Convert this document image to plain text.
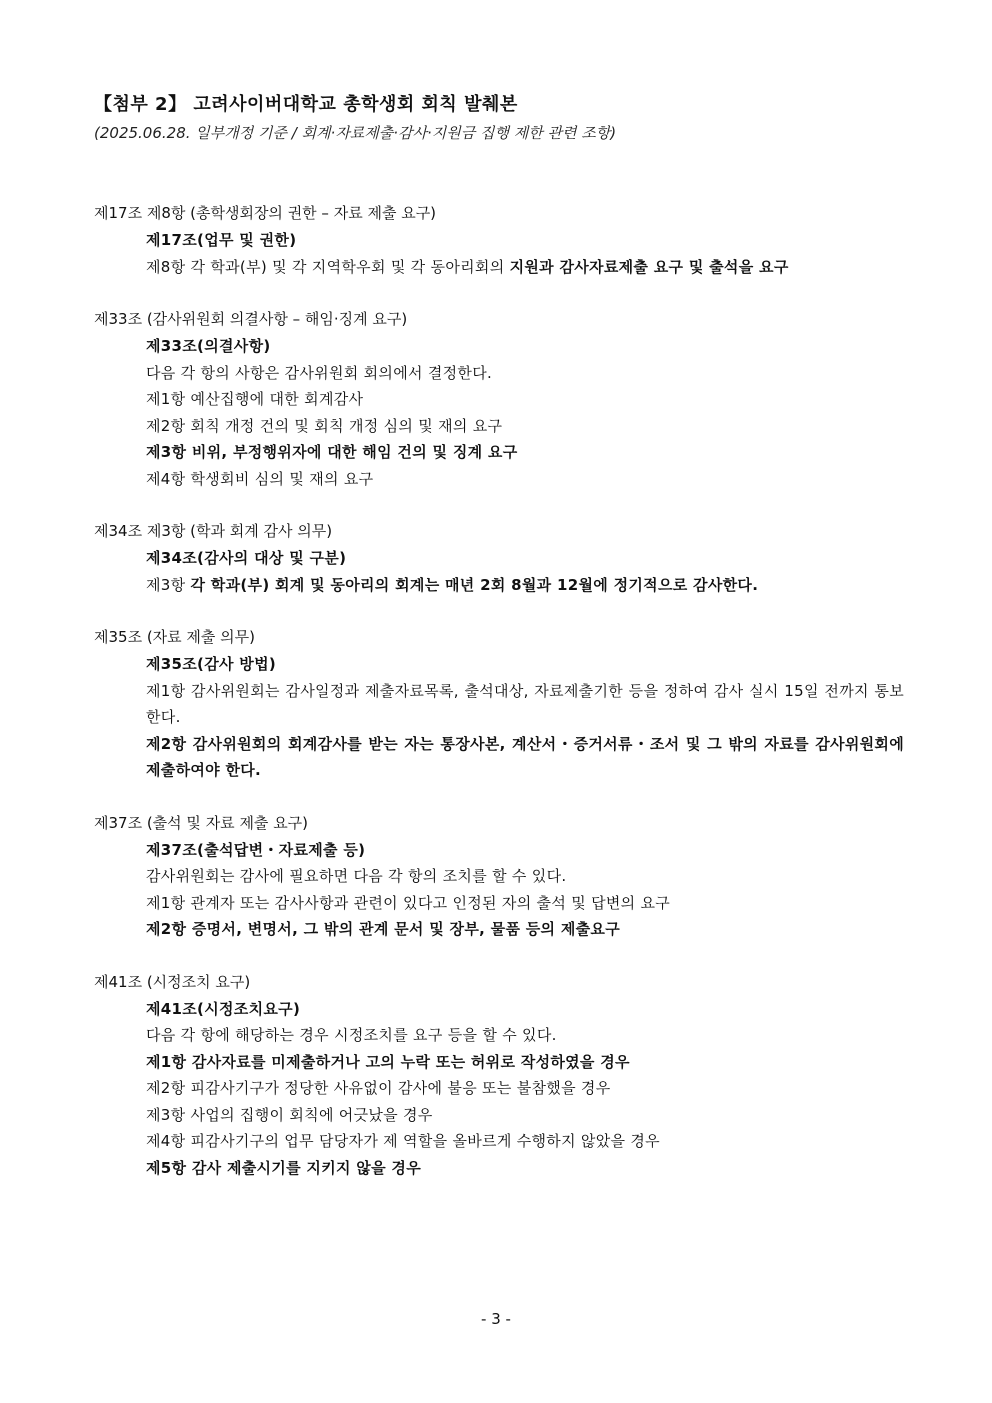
【첨부 2】 고려사이버대학교 총학생회 회칙 발췌본
(2025.06.28. 일부개정 기준 / 회계·자료제출·감사·지원금 집행 제한 관련 조항)
제17조 제8항 (총학생회장의 권한 – 자료 제출 요구)
제17조(업무 및 권한)
제8항 각 학과(부) 및 각 지역학우회 및 각 동아리회의 지원과 감사자료제출 요구 및 출석을 요구
제33조 (감사위원회 의결사항 – 해임·징계 요구)
제33조(의결사항)
다음 각 항의 사항은 감사위원회 회의에서 결정한다.
제1항 예산집행에 대한 회계감사
제2항 회칙 개정 건의 및 회칙 개정 심의 및 재의 요구
제3항 비위, 부정행위자에 대한 해임 건의 및 징계 요구
제4항 학생회비 심의 및 재의 요구
제34조 제3항 (학과 회계 감사 의무)
제34조(감사의 대상 및 구분)
제3항 각 학과(부) 회계 및 동아리의 회계는 매년 2회 8월과 12월에 정기적으로 감사한다.
제35조 (자료 제출 의무)
제35조(감사 방법)
제1항 감사위원회는 감사일정과 제출자료목록, 출석대상, 자료제출기한 등을 정하여 감사 실시 15일 전까지 통보한다.
제2항 감사위원회의 회계감사를 받는 자는 통장사본, 계산서・증거서류・조서 및 그 밖의 자료를 감사위원회에 제출하여야 한다.
제37조 (출석 및 자료 제출 요구)
제37조(출석답변・자료제출 등)
감사위원회는 감사에 필요하면 다음 각 항의 조치를 할 수 있다.
제1항 관계자 또는 감사사항과 관련이 있다고 인정된 자의 출석 및 답변의 요구
제2항 증명서, 변명서, 그 밖의 관계 문서 및 장부, 물품 등의 제출요구
제41조 (시정조치 요구)
제41조(시정조치요구)
다음 각 항에 해당하는 경우 시정조치를 요구 등을 할 수 있다.
제1항 감사자료를 미제출하거나 고의 누락 또는 허위로 작성하였을 경우
제2항 피감사기구가 정당한 사유없이 감사에 불응 또는 불참했을 경우
제3항 사업의 집행이 회칙에 어긋났을 경우
제4항 피감사기구의 업무 담당자가 제 역할을 올바르게 수행하지 않았을 경우
제5항 감사 제출시기를 지키지 않을 경우
- 3 -
